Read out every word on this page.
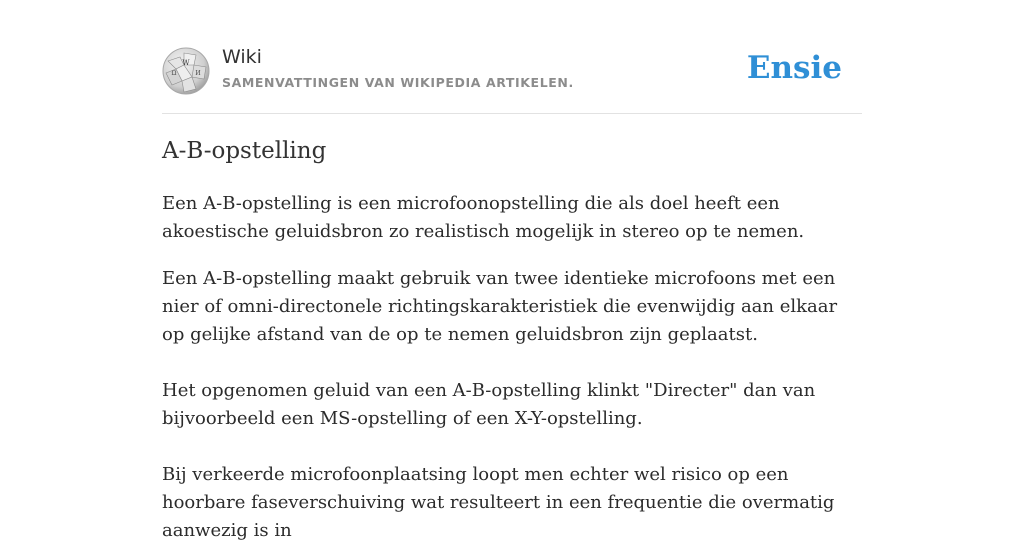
W
Ω	И
Wiki
SAMENVATTINGEN VAN WIKIPEDIA ARTIKELEN.	Ensie
A-B-opstelling

Een A-B-opstelling is een microfoonopstelling die als doel heeft een akoestische geluidsbron zo realistisch mogelijk in stereo op te nemen.

Een A-B-opstelling maakt gebruik van twee identieke microfoons met een nier of omni-directonele richtingskarakteristiek die evenwijdig aan elkaar op gelijke afstand van de op te nemen geluidsbron zijn geplaatst.

Het opgenomen geluid van een A-B-opstelling klinkt "Directer" dan van bijvoorbeeld een MS-opstelling of een X-Y-opstelling.

Bij verkeerde microfoonplaatsing loopt men echter wel risico op een hoorbare faseverschuiving wat resulteert in een frequentie die overmatig aanwezig is in
